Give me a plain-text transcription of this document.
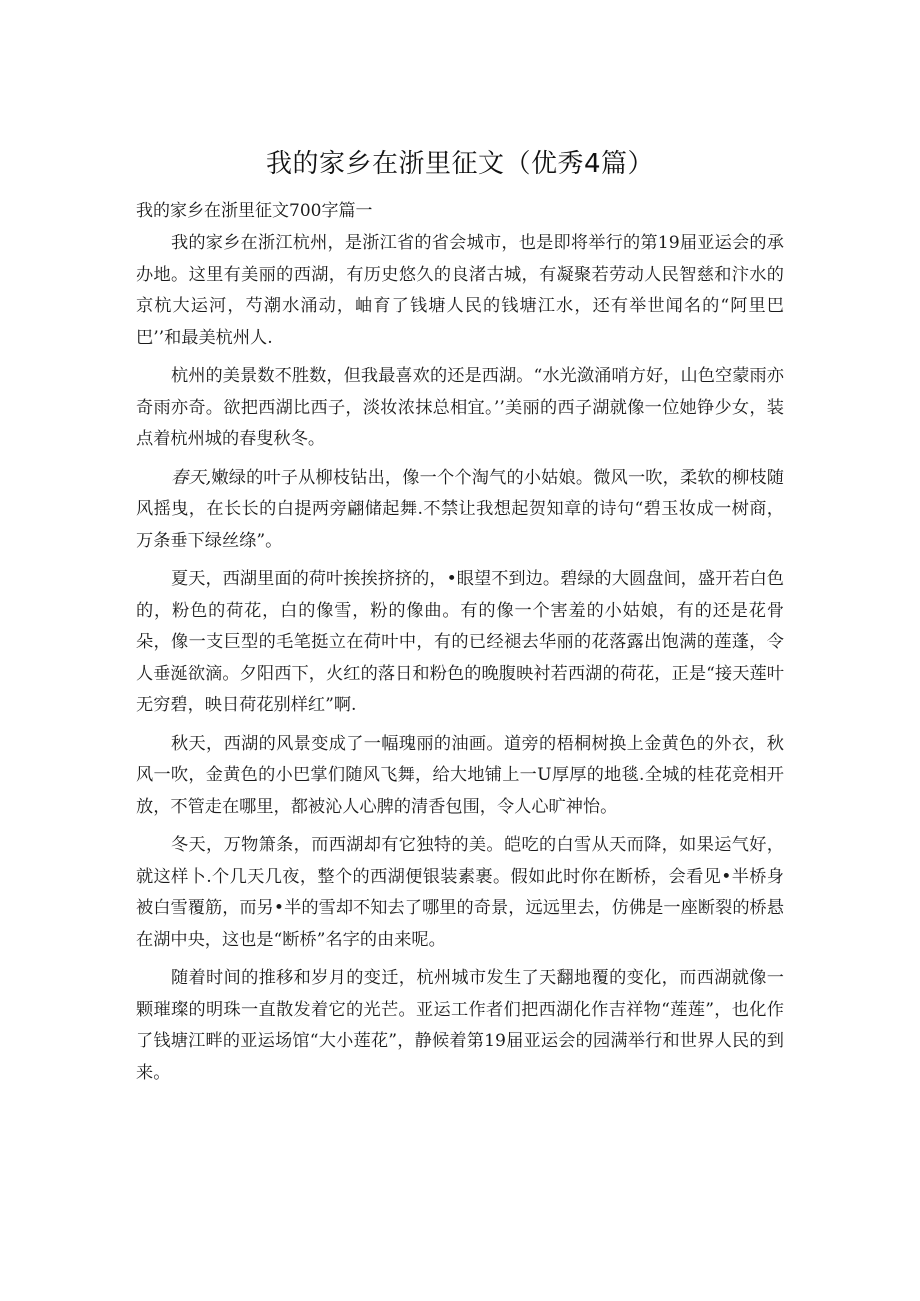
我的家乡在浙里征文（优秀4篇）
我的家乡在浙里征文700字篇一

我的家乡在浙江杭州，是浙江省的省会城市，也是即将举行的第19届亚运会的承办地。这里有美丽的西湖，有历史悠久的良渚古城，有凝聚若劳动人民智慈和汴水的京杭大运河，芍潮水涌动，岫育了钱塘人民的钱塘江水，还有举世闻名的“阿里巴巴’’和最美杭州人.

杭州的美景数不胜数，但我最喜欢的还是西湖。“水光潋涌哨方好，山色空蒙雨亦奇雨亦奇。欲把西湖比西子，淡妆浓抹总相宜。’’美丽的西子湖就像一位她铮少女，装点着杭州城的春叟秋冬。

春天,嫩绿的叶子从柳枝钻出，像一个个淘气的小姑娘。微风一吹，柔软的柳枝随风摇曳，在长长的白提两旁翩储起舞.不禁让我想起贺知章的诗句“碧玉妆成一树商，万条垂下绿丝绦”。

夏天，西湖里面的荷叶挨挨挤挤的，•眼望不到边。碧绿的大圆盘间，盛开若白色的，粉色的荷花，白的像雪，粉的像曲。有的像一个害羞的小姑娘，有的还是花骨朵，像一支巨型的毛笔挺立在荷叶中，有的已经褪去华丽的花落露出饱满的莲蓬，令人垂涎欲滴。夕阳西下，火红的落日和粉色的晚腹映衬若西湖的荷花，正是“接天莲叶无穷碧，映日荷花别样红”啊.

秋天，西湖的风景变成了一幅瑰丽的油画。道旁的梧桐树换上金黄色的外衣，秋风一吹，金黄色的小巴掌们随风飞舞，给大地铺上一U厚厚的地毯.全城的桂花竞相开放，不管走在哪里，都被沁人心脾的清香包围，令人心旷神怡。

冬天，万物箫条，而西湖却有它独特的美。皑吃的白雪从天而降，如果运气好，就这样卜.个几天几夜，整个的西湖便银装素裹。假如此时你在断桥，会看见•半桥身被白雪覆筋，而另•半的雪却不知去了哪里的奇景，远远里去，仿佛是一座断裂的桥悬在湖中央，这也是“断桥”名字的由来呢。

随着时间的推移和岁月的变迁，杭州城市发生了天翻地覆的变化，而西湖就像一颗璀璨的明珠一直散发着它的光芒。亚运工作者们把西湖化作吉祥物“莲莲”，也化作了钱塘江畔的亚运场馆“大小莲花”，静候着第19届亚运会的园满举行和世界人民的到来。
